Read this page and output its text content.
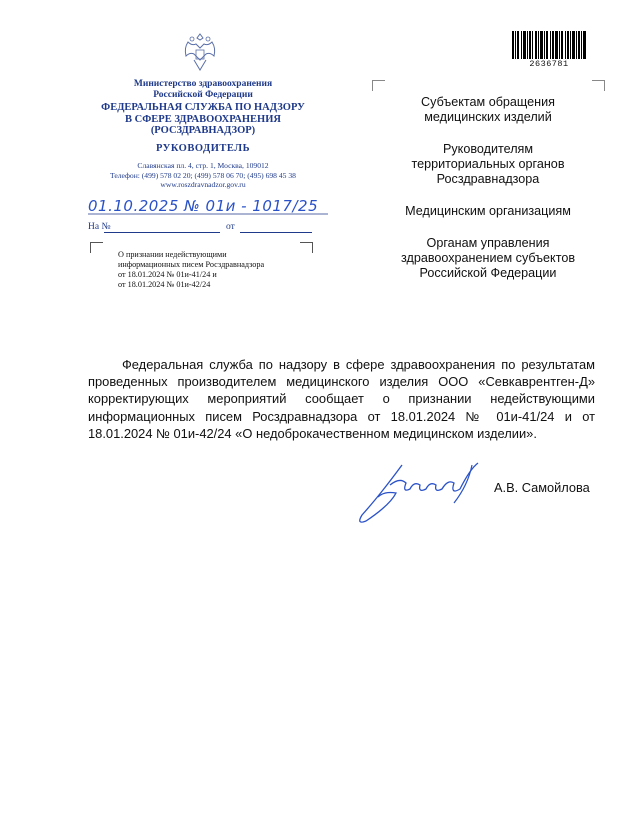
Министерство здравоохранения
Российской Федерации
ФЕДЕРАЛЬНАЯ СЛУЖБА ПО НАДЗОРУ
В СФЕРЕ ЗДРАВООХРАНЕНИЯ
(РОСЗДРАВНАДЗОР)
РУКОВОДИТЕЛЬ
Славянская пл. 4, стр. 1, Москва, 109012
Телефон: (499) 578 02 20; (499) 578 06 70; (495) 698 45 38
www.roszdravnadzor.gov.ru
01.10.2025 № 01и - 1017/25
На №	от
О признании недействующими
информационных писем Росздравнадзора
от 18.01.2024 № 01и-41/24 и
от 18.01.2024 № 01и-42/24
2636781

Субъектам обращения
медицинских изделий

Руководителям
территориальных органов
Росздравнадзора

Медицинским организациям

Органам управления
здравоохранением субъектов
Российской Федерации

Федеральная служба по надзору в сфере здравоохранения по результатам проведенных производителем медицинского изделия ООО «Севкаврентген-Д» корректирующих мероприятий сообщает о признании недействующими информационных писем Росздравнадзора от 18.01.2024 № 01и-41/24 и от 18.01.2024 № 01и-42/24 «О недоброкачественном медицинском изделии».
А.В. Самойлова
